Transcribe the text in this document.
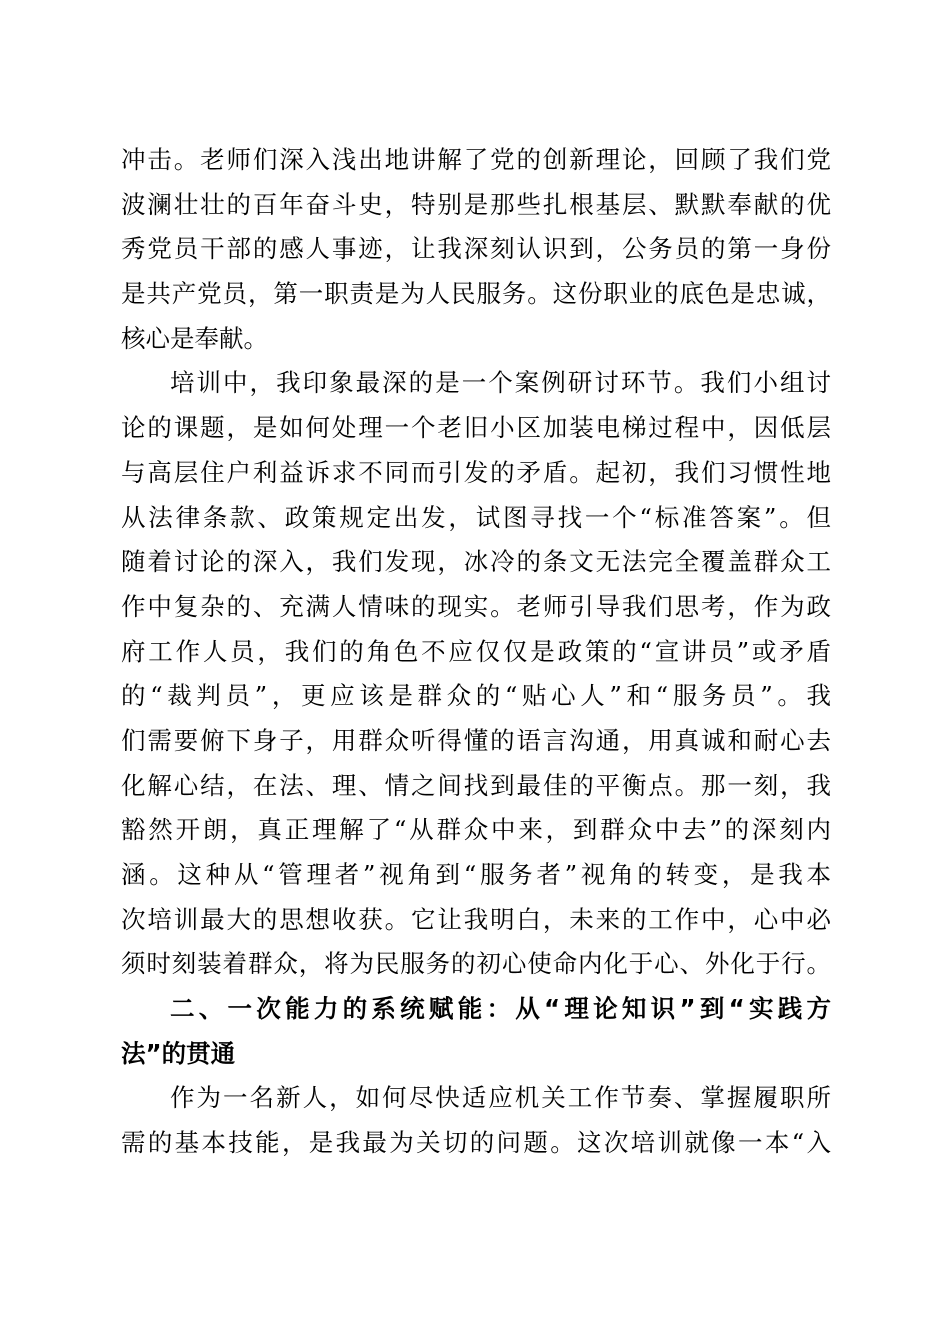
冲击。老师们深入浅出地讲解了党的创新理论，回顾了我们党
波澜壮壮的百年奋斗史，特别是那些扎根基层、默默奉献的优
秀党员干部的感人事迹，让我深刻认识到，公务员的第一身份
是共产党员，第一职责是为人民服务。这份职业的底色是忠诚，
核心是奉献。
培训中，我印象最深的是一个案例研讨环节。我们小组讨
论的课题，是如何处理一个老旧小区加装电梯过程中，因低层
与高层住户利益诉求不同而引发的矛盾。起初，我们习惯性地
从法律条款、政策规定出发，试图寻找一个“标准答案”。但
随着讨论的深入，我们发现，冰冷的条文无法完全覆盖群众工
作中复杂的、充满人情味的现实。老师引导我们思考，作为政
府工作人员，我们的角色不应仅仅是政策的“宣讲员”或矛盾
的“裁判员”，更应该是群众的“贴心人”和“服务员”。我
们需要俯下身子，用群众听得懂的语言沟通，用真诚和耐心去
化解心结，在法、理、情之间找到最佳的平衡点。那一刻，我
豁然开朗，真正理解了“从群众中来，到群众中去”的深刻内
涵。这种从“管理者”视角到“服务者”视角的转变，是我本
次培训最大的思想收获。它让我明白，未来的工作中，心中必
须时刻装着群众，将为民服务的初心使命内化于心、外化于行。
二、一次能力的系统赋能：从“理论知识”到“实践方
法”的贯通
作为一名新人，如何尽快适应机关工作节奏、掌握履职所
需的基本技能，是我最为关切的问题。这次培训就像一本“入
